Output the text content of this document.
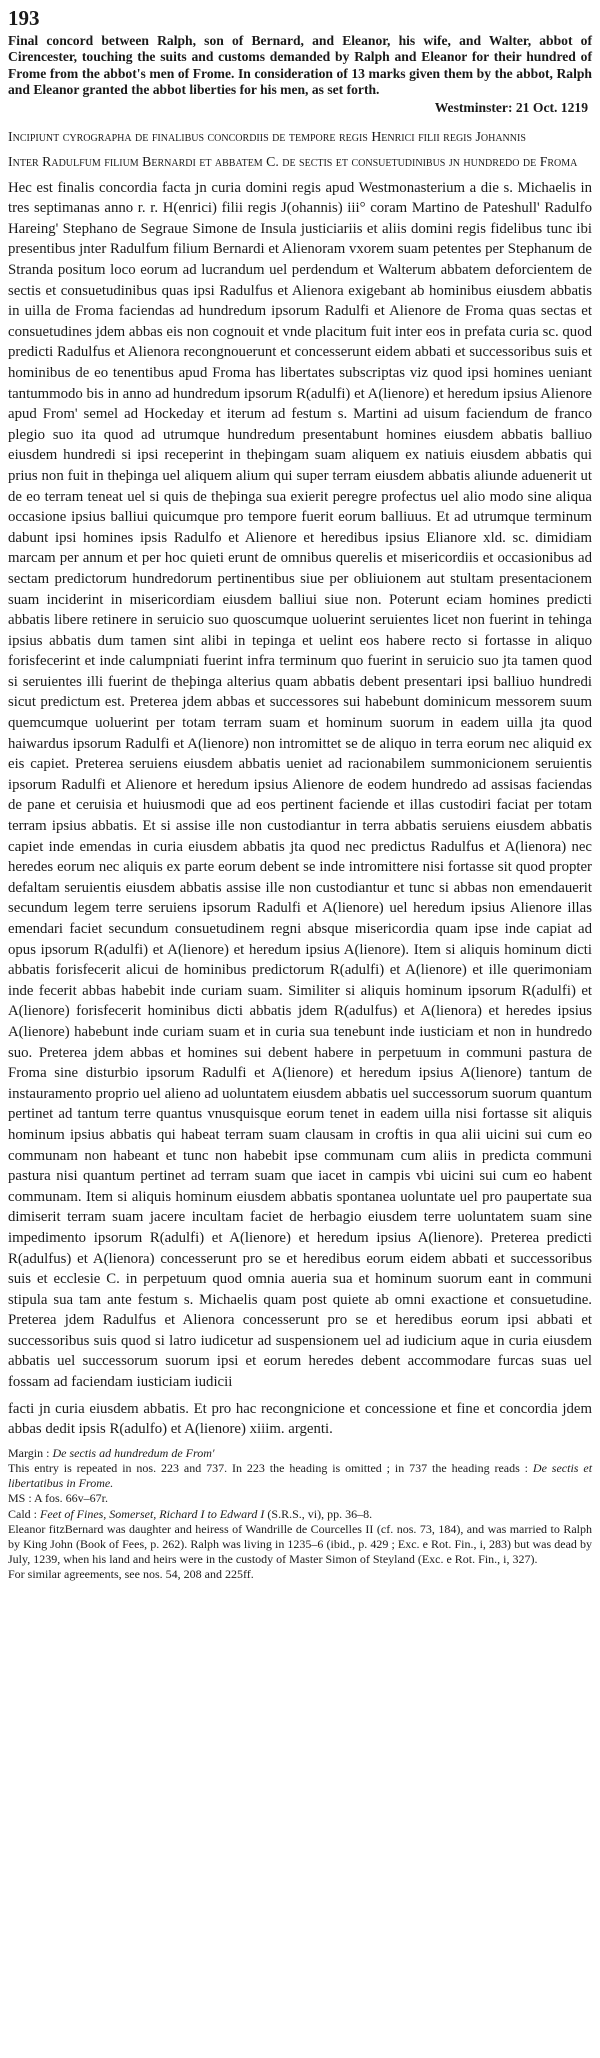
193

Final concord between Ralph, son of Bernard, and Eleanor, his wife, and Walter, abbot of Cirencester, touching the suits and customs demanded by Ralph and Eleanor for their hundred of Frome from the abbot's men of Frome. In consideration of 13 marks given them by the abbot, Ralph and Eleanor granted the abbot liberties for his men, as set forth.

Westminster: 21 Oct. 1219

Incipiunt cyrographa de finalibus concordiis de tempore regis Henrici filii regis Johannis

Inter Radulfum filium Bernardi et abbatem C. de sectis et consuetudinibus jn hundredo de Froma

Hec est finalis concordia facta jn curia domini regis apud Westmonasterium a die s. Michaelis in tres septimanas anno r. r. H(enrici) filii regis J(ohannis) iii° coram Martino de Pateshull' Radulfo Hareing' Stephano de Segraue Simone de Insula justiciariis et aliis domini regis fidelibus tunc ibi presentibus jnter Radulfum filium Bernardi et Alienoram vxorem suam petentes per Stephanum de Stranda positum loco eorum ad lucrandum uel perdendum et Walterum abbatem deforcientem de sectis et consuetudinibus quas ipsi Radulfus et Alienora exigebant ab hominibus eiusdem abbatis in uilla de Froma faciendas ad hundredum ipsorum Radulfi et Alienore de Froma quas sectas et consuetudines jdem abbas eis non cognouit et vnde placitum fuit inter eos in prefata curia sc. quod predicti Radulfus et Alienora recongnouerunt et concesserunt eidem abbati et successoribus suis et hominibus de eo tenentibus apud Froma has libertates subscriptas viz quod ipsi homines ueniant tantummodo bis in anno ad hundredum ipsorum R(adulfi) et A(lienore) et heredum ipsius Alienore apud From' semel ad Hockeday et iterum ad festum s. Martini ad uisum faciendum de franco plegio suo ita quod ad utrumque hundredum presentabunt homines eiusdem abbatis balliuo eiusdem hundredi si ipsi receperint in theþingam suam aliquem ex natiuis eiusdem abbatis qui prius non fuit in theþinga uel aliquem alium qui super terram eiusdem abbatis aliunde aduenerit ut de eo terram teneat uel si quis de theþinga sua exierit peregre profectus uel alio modo sine aliqua occasione ipsius balliui quicumque pro tempore fuerit eorum balliuus. Et ad utrumque terminum dabunt ipsi homines ipsis Radulfo et Alienore et heredibus ipsius Elianore xld. sc. dimidiam marcam per annum et per hoc quieti erunt de omnibus querelis et misericordiis et occasionibus ad sectam predictorum hundredorum pertinentibus siue per obliuionem aut stultam presentacionem suam inciderint in misericordiam eiusdem balliui siue non. Poterunt eciam homines predicti abbatis libere retinere in seruicio suo quoscumque uoluerint seruientes licet non fuerint in tehinga ipsius abbatis dum tamen sint alibi in tepinga et uelint eos habere recto si fortasse in aliquo forisfecerint et inde calumpniati fuerint infra terminum quo fuerint in seruicio suo jta tamen quod si seruientes illi fuerint de theþinga alterius quam abbatis debent presentari ipsi balliuo hundredi sicut predictum est. Preterea jdem abbas et successores sui habebunt dominicum messorem suum quemcumque uoluerint per totam terram suam et hominum suorum in eadem uilla jta quod haiwardus ipsorum Radulfi et A(lienore) non intromittet se de aliquo in terra eorum nec aliquid ex eis capiet. Preterea seruiens eiusdem abbatis ueniet ad racionabilem summonicionem seruientis ipsorum Radulfi et Alienore et heredum ipsius Alienore de eodem hundredo ad assisas faciendas de pane et ceruisia et huiusmodi que ad eos pertinent faciende et illas custodiri faciat per totam terram ipsius abbatis. Et si assise ille non custodiantur in terra abbatis seruiens eiusdem abbatis capiet inde emendas in curia eiusdem abbatis jta quod nec predictus Radulfus et A(lienora) nec heredes eorum nec aliquis ex parte eorum debent se inde intromittere nisi fortasse sit quod propter defaltam seruientis eiusdem abbatis assise ille non custodiantur et tunc si abbas non emendauerit secundum legem terre seruiens ipsorum Radulfi et A(lienore) uel heredum ipsius Alienore illas emendari faciet secundum consuetudinem regni absque misericordia quam ipse inde capiat ad opus ipsorum R(adulfi) et A(lienore) et heredum ipsius A(lienore). Item si aliquis hominum dicti abbatis forisfecerit alicui de hominibus predictorum R(adulfi) et A(lienore) et ille querimoniam inde fecerit abbas habebit inde curiam suam. Similiter si aliquis hominum ipsorum R(adulfi) et A(lienore) forisfecerit hominibus dicti abbatis jdem R(adulfus) et A(lienora) et heredes ipsius A(lienore) habebunt inde curiam suam et in curia sua tenebunt inde iusticiam et non in hundredo suo. Preterea jdem abbas et homines sui debent habere in perpetuum in communi pastura de Froma sine disturbio ipsorum Radulfi et A(lienore) et heredum ipsius A(lienore) tantum de instauramento proprio uel alieno ad uoluntatem eiusdem abbatis uel successorum suorum quantum pertinet ad tantum terre quantus vnusquisque eorum tenet in eadem uilla nisi fortasse sit aliquis hominum ipsius abbatis qui habeat terram suam clausam in croftis in qua alii uicini sui cum eo communam non habeant et tunc non habebit ipse communam cum aliis in predicta communi pastura nisi quantum pertinet ad terram suam que iacet in campis vbi uicini sui cum eo habent communam. Item si aliquis hominum eiusdem abbatis spontanea uoluntate uel pro paupertate sua dimiserit terram suam jacere incultam faciet de herbagio eiusdem terre uoluntatem suam sine impedimento ipsorum R(adulfi) et A(lienore) et heredum ipsius A(lienore). Preterea predicti R(adulfus) et A(lienora) concesserunt pro se et heredibus eorum eidem abbati et successoribus suis et ecclesie C. in perpetuum quod omnia aueria sua et hominum suorum eant in communi stipula sua tam ante festum s. Michaelis quam post quiete ab omni exactione et consuetudine. Preterea jdem Radulfus et Alienora concesserunt pro se et heredibus eorum ipsi abbati et successoribus suis quod si latro iudicetur ad suspensionem uel ad iudicium aque in curia eiusdem abbatis uel successorum suorum ipsi et eorum heredes debent accommodare furcas suas uel fossam ad faciendam iusticiam iudicii

facti jn curia eiusdem abbatis. Et pro hac recongnicione et concessione et fine et concordia jdem abbas dedit ipsis R(adulfo) et A(lienore) xiiim. argenti.

Margin : De sectis ad hundredum de From'

This entry is repeated in nos. 223 and 737. In 223 the heading is omitted ; in 737 the heading reads : De sectis et libertatibus in Frome.

MS : A fos. 66v–67r.

Cald : Feet of Fines, Somerset, Richard I to Edward I (S.R.S., vi), pp. 36–8.

Eleanor fitzBernard was daughter and heiress of Wandrille de Courcelles II (cf. nos. 73, 184), and was married to Ralph by King John (Book of Fees, p. 262). Ralph was living in 1235–6 (ibid., p. 429 ; Exc. e Rot. Fin., i, 283) but was dead by July, 1239, when his land and heirs were in the custody of Master Simon of Steyland (Exc. e Rot. Fin., i, 327).

For similar agreements, see nos. 54, 208 and 225ff.
